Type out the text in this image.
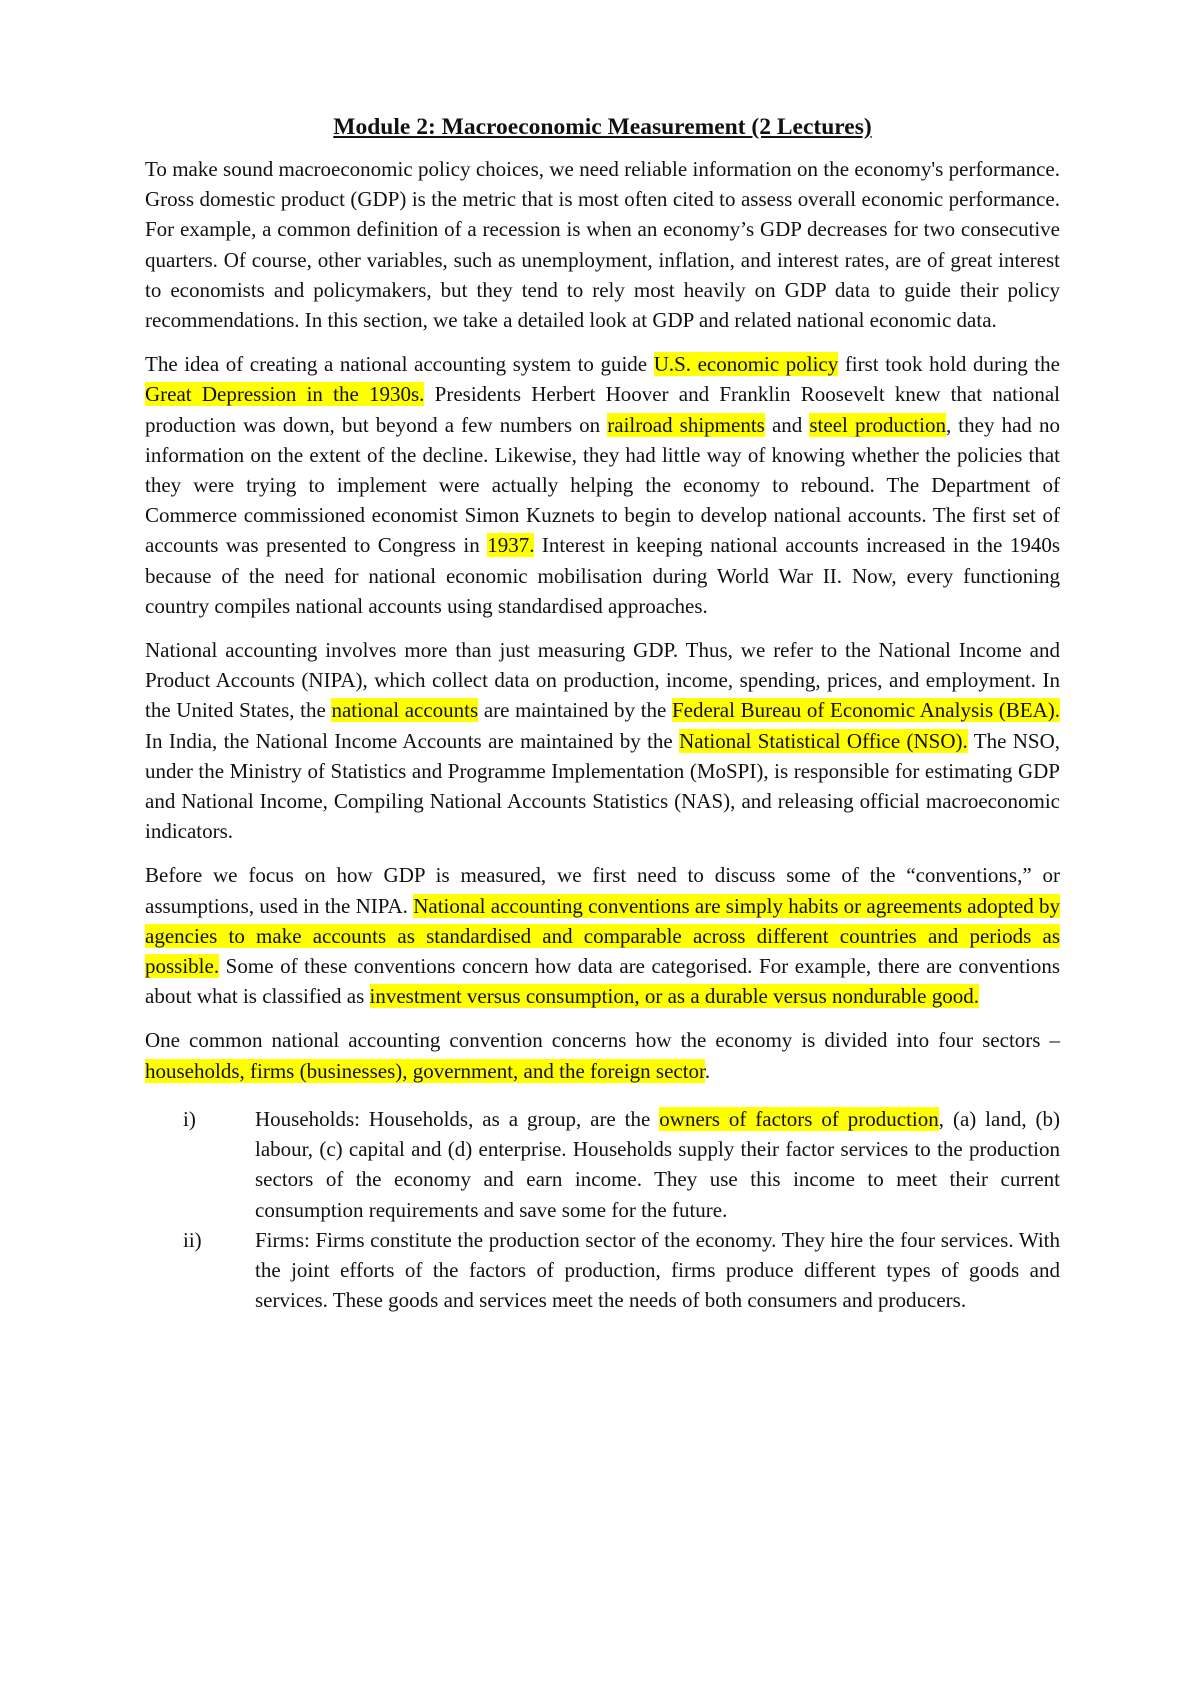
Module 2: Macroeconomic Measurement (2 Lectures)
To make sound macroeconomic policy choices, we need reliable information on the economy's performance. Gross domestic product (GDP) is the metric that is most often cited to assess overall economic performance. For example, a common definition of a recession is when an economy’s GDP decreases for two consecutive quarters. Of course, other variables, such as unemployment, inflation, and interest rates, are of great interest to economists and policymakers, but they tend to rely most heavily on GDP data to guide their policy recommendations. In this section, we take a detailed look at GDP and related national economic data.
The idea of creating a national accounting system to guide U.S. economic policy first took hold during the Great Depression in the 1930s. Presidents Herbert Hoover and Franklin Roosevelt knew that national production was down, but beyond a few numbers on railroad shipments and steel production, they had no information on the extent of the decline. Likewise, they had little way of knowing whether the policies that they were trying to implement were actually helping the economy to rebound. The Department of Commerce commissioned economist Simon Kuznets to begin to develop national accounts. The first set of accounts was presented to Congress in 1937. Interest in keeping national accounts increased in the 1940s because of the need for national economic mobilisation during World War II. Now, every functioning country compiles national accounts using standardised approaches.
National accounting involves more than just measuring GDP. Thus, we refer to the National Income and Product Accounts (NIPA), which collect data on production, income, spending, prices, and employment. In the United States, the national accounts are maintained by the Federal Bureau of Economic Analysis (BEA). In India, the National Income Accounts are maintained by the National Statistical Office (NSO). The NSO, under the Ministry of Statistics and Programme Implementation (MoSPI), is responsible for estimating GDP and National Income, Compiling National Accounts Statistics (NAS), and releasing official macroeconomic indicators.
Before we focus on how GDP is measured, we first need to discuss some of the “conventions,” or assumptions, used in the NIPA. National accounting conventions are simply habits or agreements adopted by agencies to make accounts as standardised and comparable across different countries and periods as possible. Some of these conventions concern how data are categorised. For example, there are conventions about what is classified as investment versus consumption, or as a durable versus nondurable good.
One common national accounting convention concerns how the economy is divided into four sectors – households, firms (businesses), government, and the foreign sector.
i)	Households: Households, as a group, are the owners of factors of production, (a) land, (b) labour, (c) capital and (d) enterprise. Households supply their factor services to the production sectors of the economy and earn income. They use this income to meet their current consumption requirements and save some for the future.
ii)	Firms: Firms constitute the production sector of the economy. They hire the four services. With the joint efforts of the factors of production, firms produce different types of goods and services. These goods and services meet the needs of both consumers and producers.
